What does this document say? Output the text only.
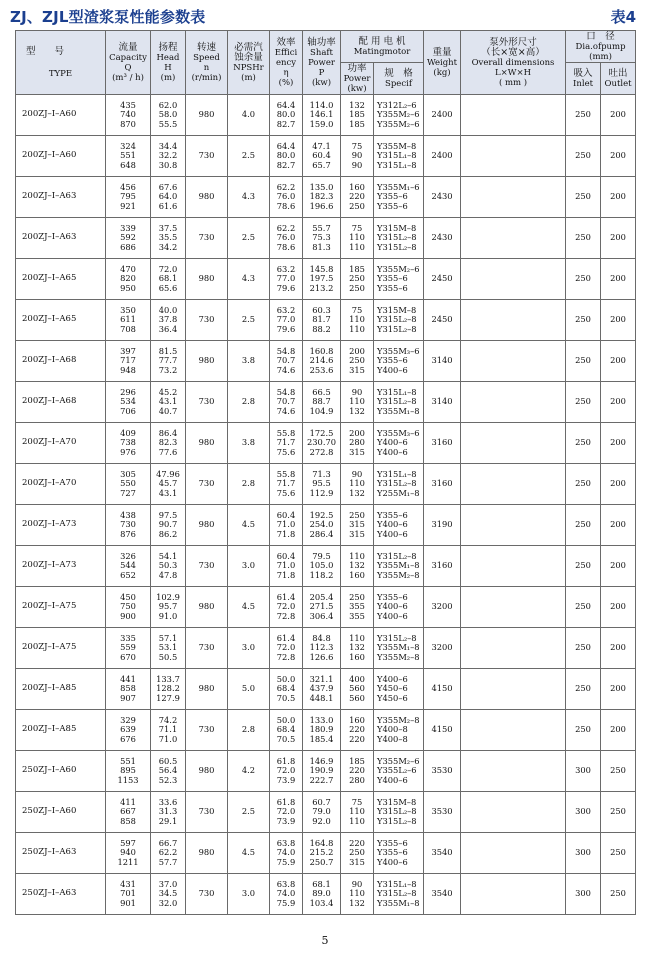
ZJ、ZJL型渣浆泵性能参数表	表4
型　　号
TYPE	流量
Capacity
Q
(m³ / h)	扬程
Head
H
(m)	转速
Speed
n
(r/min)	必需汽
蚀余量
NPSHr
(m)	效率
Effici
ency
η
(%)	轴功率
Shaft
Power
P
(kw)	配 用 电 机
Matingmotor		重量
Weight
(kg)	泵外形尺寸
（长×宽×高）
Overall dimensions
L×W×H
( mm )	口　径
Dia.ofpump
(mm)	

							功率
Power
(kw)	规　格
Specif			吸入
Inlet	吐出
Outlet

200ZJ–I–A60	435
740
870	62.0
58.0
55.5	980	4.0	64.4
80.0
82.7	114.0
146.1
159.0	132
185
185	Y312L₂–6
Y355M₂–6
Y355M₂–6	2400		250	200
200ZJ–I–A60	324
551
648	34.4
32.2
30.8	730	2.5	64.4
80.0
82.7	47.1
60.4
65.7	75
90
90	Y355M–8
Y315L₁–8
Y315L₁–8	2400		250	200
200ZJ–I–A63	456
795
921	67.6
64.0
61.6	980	4.3	62.2
76.0
78.6	135.0
182.3
196.6	160
220
250	Y355M₁–6
Y355–6
Y355–6	2430		250	200
200ZJ–I–A63	339
592
686	37.5
35.5
34.2	730	2.5	62.2
76.0
78.6	55.7
75.3
81.3	75
110
110	Y315M–8
Y315L₂–8
Y315L₂–8	2430		250	200
200ZJ–I–A65	470
820
950	72.0
68.1
65.6	980	4.3	63.2
77.0
79.6	145.8
197.5
213.2	185
250
250	Y355M₂–6
Y355–6
Y355–6	2450		250	200
200ZJ–I–A65	350
611
708	40.0
37.8
36.4	730	2.5	63.2
77.0
79.6	60.3
81.7
88.2	75
110
110	Y315M–8
Y315L₂–8
Y315L₂–8	2450		250	200
200ZJ–I–A68	397
717
948	81.5
77.7
73.2	980	3.8	54.8
70.7
74.6	160.8
214.6
253.6	200
250
315	Y355M₃–6
Y355–6
Y400–6	3140		250	200
200ZJ–I–A68	296
534
706	45.2
43.1
40.7	730	2.8	54.8
70.7
74.6	66.5
88.7
104.9	90
110
132	Y315L₁–8
Y315L₂–8
Y355M₁–8	3140		250	200
200ZJ–I–A70	409
738
976	86.4
82.3
77.6	980	3.8	55.8
71.7
75.6	172.5
230.70
272.8	200
280
315	Y355M₃–6
Y400–6
Y400–6	3160		250	200
200ZJ–I–A70	305
550
727	47.96
45.7
43.1	730	2.8	55.8
71.7
75.6	71.3
95.5
112.9	90
110
132	Y315L₁–8
Y315L₂–8
Y255M₁–8	3160		250	200
200ZJ–I–A73	438
730
876	97.5
90.7
86.2	980	4.5	60.4
71.0
71.8	192.5
254.0
286.4	250
315
315	Y355–6
Y400–6
Y400–6	3190		250	200
200ZJ–I–A73	326
544
652	54.1
50.3
47.8	730	3.0	60.4
71.0
71.8	79.5
105.0
118.2	110
132
160	Y315L₂–8
Y355M₁–8
Y355M₂–8	3160		250	200
200ZJ–I–A75	450
750
900	102.9
95.7
91.0	980	4.5	61.4
72.0
72.8	205.4
271.5
306.4	250
355
355	Y355–6
Y400–6
Y400–6	3200		250	200
200ZJ–I–A75	335
559
670	57.1
53.1
50.5	730	3.0	61.4
72.0
72.8	84.8
112.3
126.6	110
132
160	Y315L₂–8
Y355M₁–8
Y355M₂–8	3200		250	200
200ZJ–I–A85	441
858
907	133.7
128.2
127.9	980	5.0	50.0
68.4
70.5	321.1
437.9
448.1	400
560
560	Y400–6
Y450–6
Y450–6	4150		250	200
200ZJ–I–A85	329
639
676	74.2
71.1
71.0	730	2.8	50.0
68.4
70.5	133.0
180.9
185.4	160
220
220	Y355M₂–8
Y400–8
Y400–8	4150		250	200
250ZJ–I–A60	551
895
1153	60.5
56.4
52.3	980	4.2	61.8
72.0
73.9	146.9
190.9
222.7	185
220
280	Y355M₂–6
Y355L₂–6
Y400–6	3530		300	250
250ZJ–I–A60	411
667
858	33.6
31.3
29.1	730	2.5	61.8
72.0
73.9	60.7
79.0
92.0	75
110
110	Y315M–8
Y315L₂–8
Y315L₂–8	3530		300	250
250ZJ–I–A63	597
940
1211	66.7
62.2
57.7	980	4.5	63.8
74.0
75.9	164.8
215.2
250.7	220
250
315	Y355–6
Y355–6
Y400–6	3540		300	250
250ZJ–I–A63	431
701
901	37.0
34.5
32.0	730	3.0	63.8
74.0
75.9	68.1
89.0
103.4	90
110
132	Y315L₁–8
Y315L₂–8
Y355M₁–8	3540		300	250
5
